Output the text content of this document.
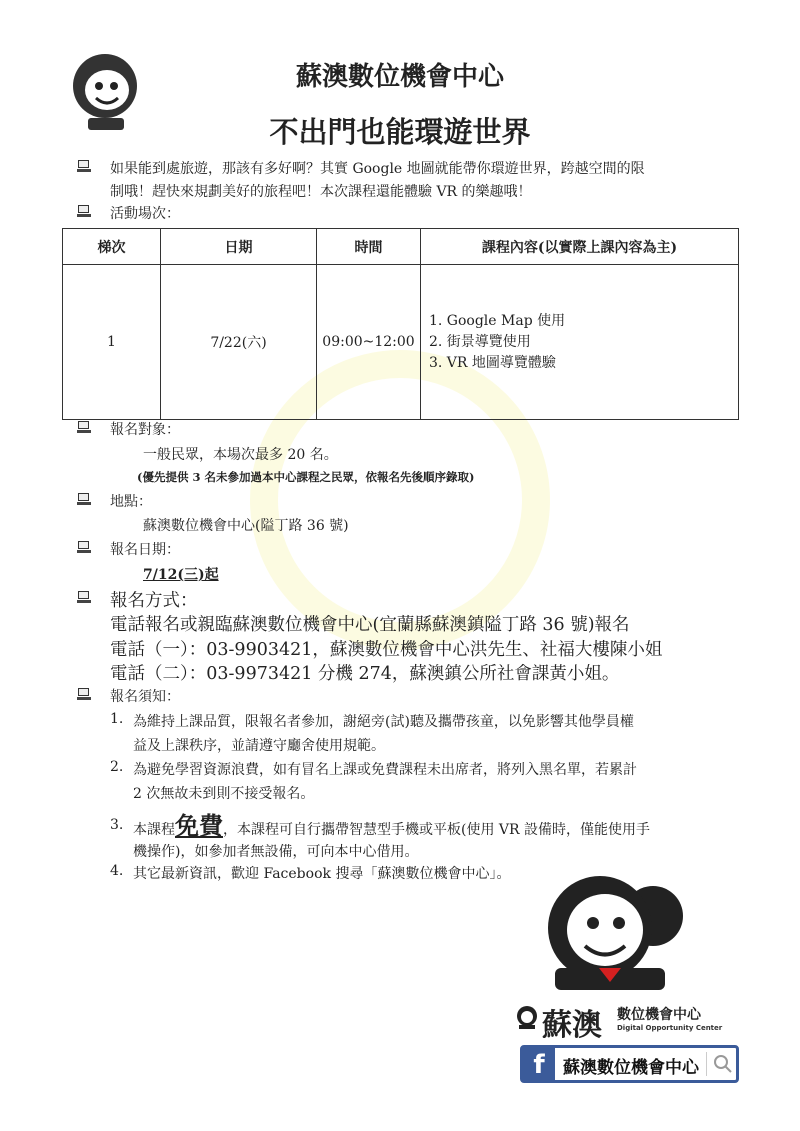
蘇澳數位機會中心
不出門也能環遊世界
如果能到處旅遊，那該有多好啊？其實 Google 地圖就能帶你環遊世界，跨越空間的限
制哦！趕快來規劃美好的旅程吧！本次課程還能體驗 VR 的樂趣哦！
活動場次：
梯次	日期	時間	課程內容(以實際上課內容為主)
1	7/22(六)	09:00~12:00	1. Google Map 使用
2. 街景導覽使用
3. VR 地圖導覽體驗
報名對象：
一般民眾，本場次最多 20 名。
(優先提供 3 名未參加過本中心課程之民眾，依報名先後順序錄取)
地點：
蘇澳數位機會中心(隘丁路 36 號)
報名日期：
7/12(三)起
報名方式：
電話報名或親臨蘇澳數位機會中心(宜蘭縣蘇澳鎮隘丁路 36 號)報名
電話（一）：03-9903421，蘇澳數位機會中心洪先生、社福大樓陳小姐
電話（二）：03-9973421 分機 274，蘇澳鎮公所社會課黃小姐。
報名須知：
1. 為維持上課品質，限報名者參加，謝絕旁(試)聽及攜帶孩童，以免影響其他學員權
益及上課秩序，並請遵守廳舍使用規範。
2. 為避免學習資源浪費，如有冒名上課或免費課程未出席者，將列入黑名單，若累計
2 次無故未到則不接受報名。
3. 本課程免費，本課程可自行攜帶智慧型手機或平板(使用 VR 設備時，僅能使用手
機操作)，如參加者無設備，可向本中心借用。
4. 其它最新資訊，歡迎 Facebook 搜尋「蘇澳數位機會中心」。
蘇澳 數位機會中心
Digital Opportunity Center
f	蘇澳數位機會中心
